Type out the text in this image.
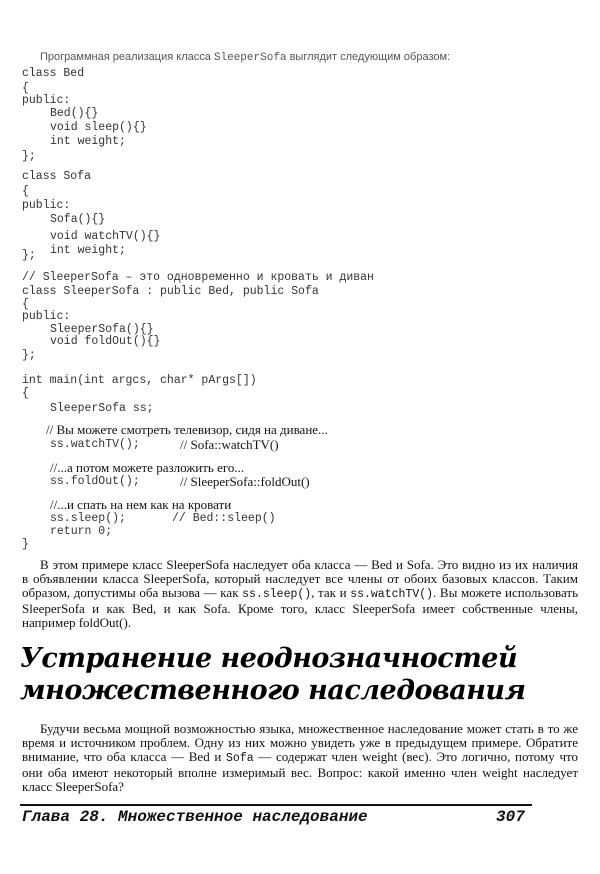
Программная реализация класса SleeperSofa выглядит следующим образом:
class Bed
{
public:
Bed(){}
void sleep(){}
int weight;
};
class Sofa
{
public:
Sofa(){}
void watchTV(){}
int weight;
};
// SleeperSofa – это одновременно и кровать и диван
class SleeperSofa : public Bed, public Sofa
{
public:
SleeperSofa(){}
void foldOut(){}
};
int main(int argcs, char* pArgs[])
{
SleeperSofa ss;
// Вы можете смотреть телевизор, сидя на диване...
ss.watchTV();	// Sofa::watchTV()
//...а потом можете разложить его...
ss.foldOut();	// SleeperSofa::foldOut()
//...и спать на нем как на кровати
ss.sleep();	// Bed::sleep()
return 0;
}
В этом примере класс SleeperSofa наследует оба класса — Bed и Sofa. Это видно из их наличия в объявлении класса SleeperSofa, который наследует все члены от обоих базовых классов. Таким образом, допустимы оба вызова — как ss.sleep(), так и ss.watchTV(). Вы можете использовать SleeperSofa и как Bed, и как Sofa. Кроме того, класс SleeperSofa имеет собственные члены, например foldOut().
Устранение неоднозначностей
множественного наследования
Будучи весьма мощной возможностью языка, множественное наследование может стать в то же время и источником проблем. Одну из них можно увидеть уже в предыдущем примере. Обратите внимание, что оба класса — Bed и Sofa — содержат член weight (вес). Это логично, потому что они оба имеют некоторый вполне измеримый вес. Вопрос: какой именно член weight наследует класс SleeperSofa?
Глава 28. Множественное наследование	307
